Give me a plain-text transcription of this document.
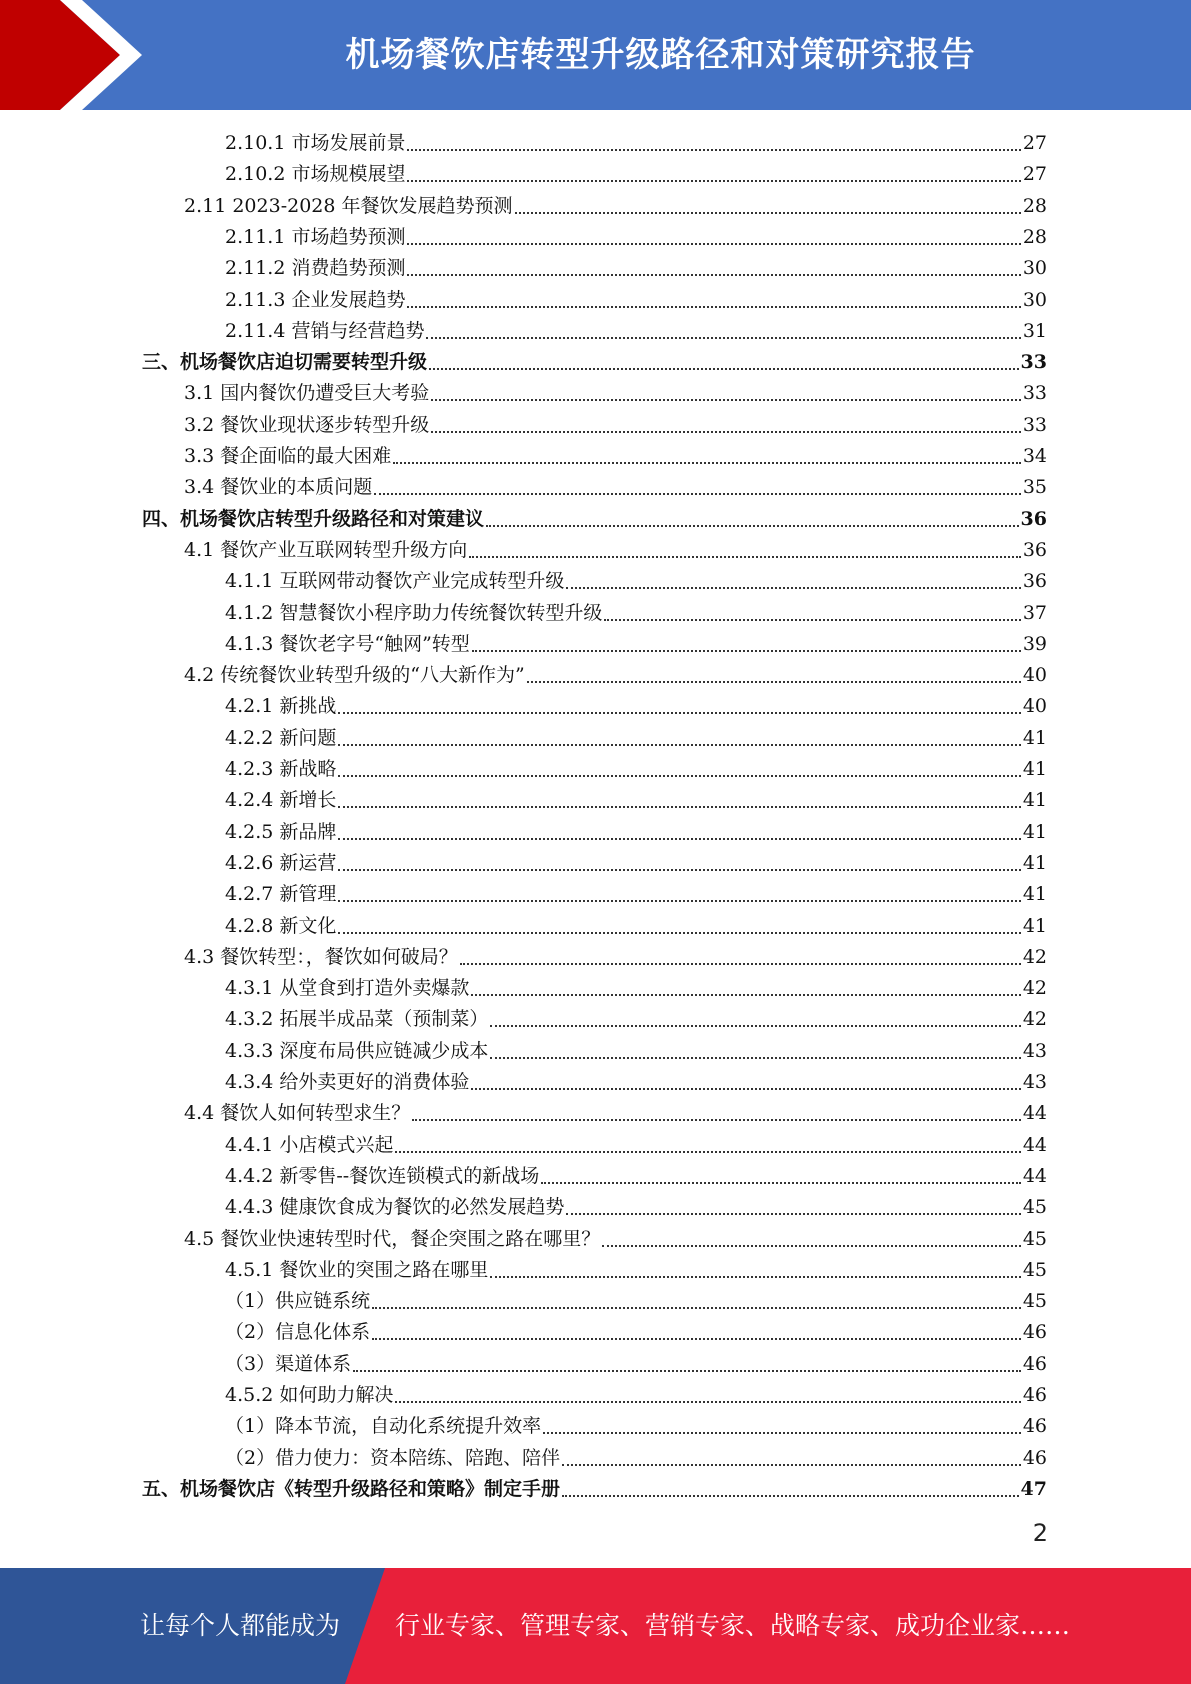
机场餐饮店转型升级路径和对策研究报告
2.10.1 市场发展前景	27
2.10.2 市场规模展望	27
2.11 2023-2028 年餐饮发展趋势预测	28
2.11.1 市场趋势预测	28
2.11.2 消费趋势预测	30
2.11.3 企业发展趋势	30
2.11.4 营销与经营趋势	31
三、机场餐饮店迫切需要转型升级	33
3.1 国内餐饮仍遭受巨大考验	33
3.2 餐饮业现状逐步转型升级	33
3.3 餐企面临的最大困难	34
3.4 餐饮业的本质问题	35
四、机场餐饮店转型升级路径和对策建议	36
4.1 餐饮产业互联网转型升级方向	36
4.1.1 互联网带动餐饮产业完成转型升级	36
4.1.2 智慧餐饮小程序助力传统餐饮转型升级	37
4.1.3 餐饮老字号“触网”转型	39
4.2 传统餐饮业转型升级的“八大新作为”	40
4.2.1 新挑战	40
4.2.2 新问题	41
4.2.3 新战略	41
4.2.4 新增长	41
4.2.5 新品牌	41
4.2.6 新运营	41
4.2.7 新管理	41
4.2.8 新文化	41
4.3 餐饮转型：，餐饮如何破局？	42
4.3.1 从堂食到打造外卖爆款	42
4.3.2 拓展半成品菜（预制菜）	42
4.3.3 深度布局供应链减少成本	43
4.3.4 给外卖更好的消费体验	43
4.4 餐饮人如何转型求生？	44
4.4.1 小店模式兴起	44
4.4.2 新零售--餐饮连锁模式的新战场	44
4.4.3 健康饮食成为餐饮的必然发展趋势	45
4.5 餐饮业快速转型时代，餐企突围之路在哪里？	45
4.5.1 餐饮业的突围之路在哪里	45
（1）供应链系统	45
（2）信息化体系	46
（3）渠道体系	46
4.5.2 如何助力解决	46
（1）降本节流，自动化系统提升效率	46
（2）借力使力：资本陪练、陪跑、陪伴	46
五、机场餐饮店《转型升级路径和策略》制定手册	47
2
让每个人都能成为 行业专家、管理专家、营销专家、战略专家、成功企业家……
